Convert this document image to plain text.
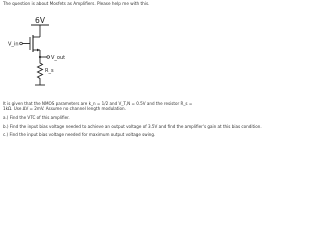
The question is about Mosfets as Amplifiers. Please help me with this.
6V
V_in
V_out
R_s

It is given that the NMOS parameters are k_n = 1/2 and V_T,N = 0.5V and the resistor R_s = 1kΩ. Use ΔV = 2mV. Assume no channel length modulation.

a.) Find the VTC of this amplifier.
b.) Find the input bias voltage needed to achieve an output voltage of 3.5V and find the amplifier's gain at this bias condition.
c.) Find the input bias voltage needed for maximum output voltage swing.
